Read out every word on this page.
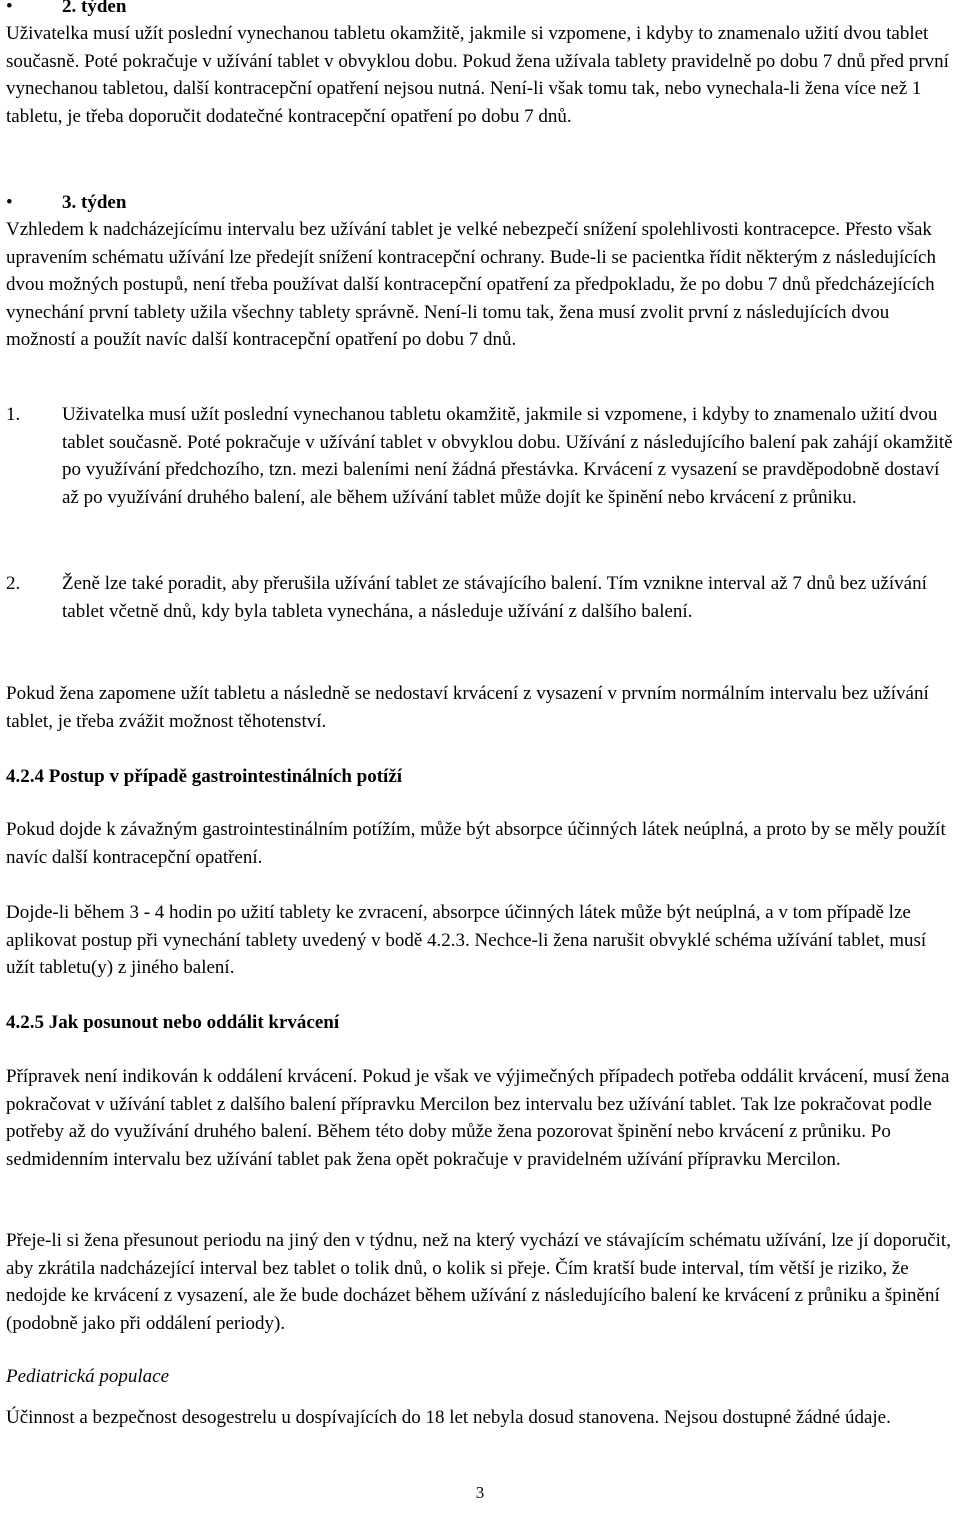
•	2. týden

Uživatelka musí užít poslední vynechanou tabletu okamžitě, jakmile si vzpomene, i kdyby to znamenalo užití dvou tablet současně. Poté pokračuje v užívání tablet v obvyklou dobu. Pokud žena užívala tablety pravidelně po dobu 7 dnů před první vynechanou tabletou, další kontracepční opatření nejsou nutná. Není-li však tomu tak, nebo vynechala-li žena více než 1 tabletu, je třeba doporučit dodatečné kontracepční opatření po dobu 7 dnů.

•	3. týden

Vzhledem k nadcházejícímu intervalu bez užívání tablet je velké nebezpečí snížení spolehlivosti kontracepce. Přesto však upravením schématu užívání lze předejít snížení kontracepční ochrany. Bude-li se pacientka řídit některým z následujících dvou možných postupů, není třeba používat další kontracepční opatření za předpokladu, že po dobu 7 dnů předcházejících vynechání první tablety užila všechny tablety správně. Není-li tomu tak, žena musí zvolit první z následujících dvou možností a použít navíc další kontracepční opatření po dobu 7 dnů.

1. Uživatelka musí užít poslední vynechanou tabletu okamžitě, jakmile si vzpomene, i kdyby to znamenalo užití dvou tablet současně. Poté pokračuje v užívání tablet v obvyklou dobu. Užívání z následujícího balení pak zahájí okamžitě po využívání předchozího, tzn. mezi baleními není žádná přestávka. Krvácení z vysazení se pravděpodobně dostaví až po využívání druhého balení, ale během užívání tablet může dojít ke špinění nebo krvácení z průniku.

2. Ženě lze také poradit, aby přerušila užívání tablet ze stávajícího balení. Tím vznikne interval až 7 dnů bez užívání tablet včetně dnů, kdy byla tableta vynechána, a následuje užívání z dalšího balení.

Pokud žena zapomene užít tabletu a následně se nedostaví krvácení z vysazení v prvním normálním intervalu bez užívání tablet, je třeba zvážit možnost těhotenství.

4.2.4 Postup v případě gastrointestinálních potíží

Pokud dojde k závažným gastrointestinálním potížím, může být absorpce účinných látek neúplná, a proto by se měly použít navíc další kontracepční opatření.

Dojde-li během 3 - 4 hodin po užití tablety ke zvracení, absorpce účinných látek může být neúplná, a v tom případě lze aplikovat postup při vynechání tablety uvedený v bodě 4.2.3. Nechce-li žena narušit obvyklé schéma užívání tablet, musí užít tabletu(y) z jiného balení.

4.2.5 Jak posunout nebo oddálit krvácení

Přípravek není indikován k oddálení krvácení. Pokud je však ve výjimečných případech potřeba oddálit krvácení, musí žena pokračovat v užívání tablet z dalšího balení přípravku Mercilon bez intervalu bez užívání tablet. Tak lze pokračovat podle potřeby až do využívání druhého balení. Během této doby může žena pozorovat špinění nebo krvácení z průniku. Po sedmidenním intervalu bez užívání tablet pak žena opět pokračuje v pravidelném užívání přípravku Mercilon.

Přeje-li si žena přesunout periodu na jiný den v týdnu, než na který vychází ve stávajícím schématu užívání, lze jí doporučit, aby zkrátila nadcházející interval bez tablet o tolik dnů, o kolik si přeje. Čím kratší bude interval, tím větší je riziko, že nedojde ke krvácení z vysazení, ale že bude docházet během užívání z následujícího balení ke krvácení z průniku a špinění (podobně jako při oddálení periody).

Pediatrická populace

Účinnost a bezpečnost desogestrelu u dospívajících do 18 let nebyla dosud stanovena. Nejsou dostupné žádné údaje.

3
